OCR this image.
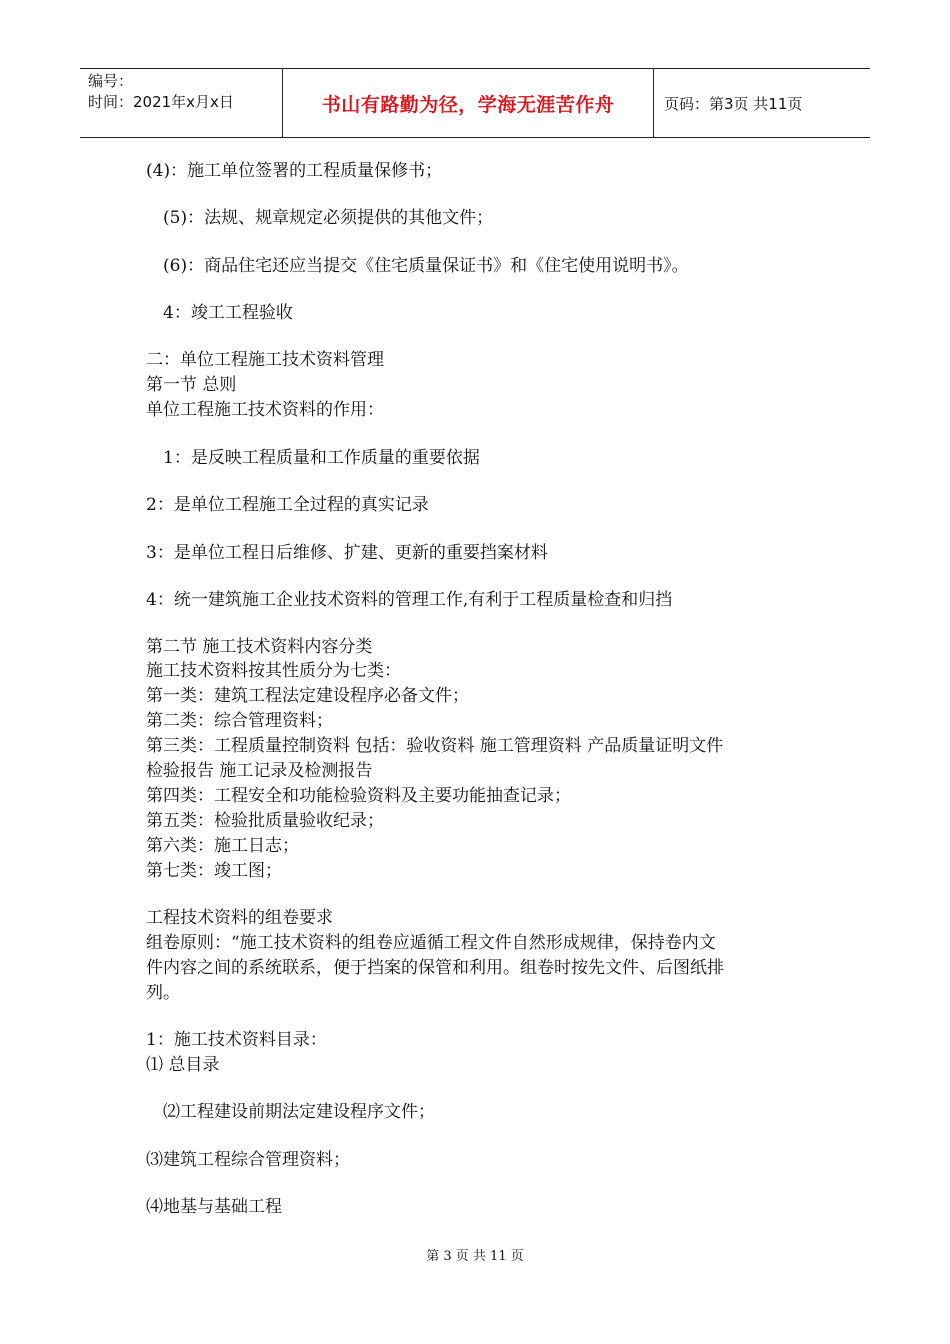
编号：
时间：2021年x月x日	书山有路勤为径，学海无涯苦作舟	页码：第3页 共11页
(4)：施工单位签署的工程质量保修书；
(5)：法规、规章规定必须提供的其他文件；
(6)：商品住宅还应当提交《住宅质量保证书》和《住宅使用说明书》。
4：竣工工程验收
二：单位工程施工技术资料管理
第一节 总则
单位工程施工技术资料的作用：
1：是反映工程质量和工作质量的重要依据
2：是单位工程施工全过程的真实记录
3：是单位工程日后维修、扩建、更新的重要挡案材料
4：统一建筑施工企业技术资料的管理工作,有利于工程质量检查和归挡
第二节 施工技术资料内容分类
施工技术资料按其性质分为七类：
第一类：建筑工程法定建设程序必备文件；
第二类：综合管理资料；
第三类：工程质量控制资料 包括：验收资料 施工管理资料 产品质量证明文件
检验报告 施工记录及检测报告
第四类：工程安全和功能检验资料及主要功能抽查记录；
第五类：检验批质量验收纪录；
第六类：施工日志；
第七类：竣工图；
工程技术资料的组卷要求
组卷原则：“施工技术资料的组卷应遁循工程文件自然形成规律，保持卷内文
件内容之间的系统联系，便于挡案的保管和利用。组卷时按先文件、后图纸排
列。
1：施工技术资料目录：
⑴ 总目录
⑵工程建设前期法定建设程序文件；
⑶建筑工程综合管理资料；
⑷地基与基础工程
第 3 页 共 11 页
